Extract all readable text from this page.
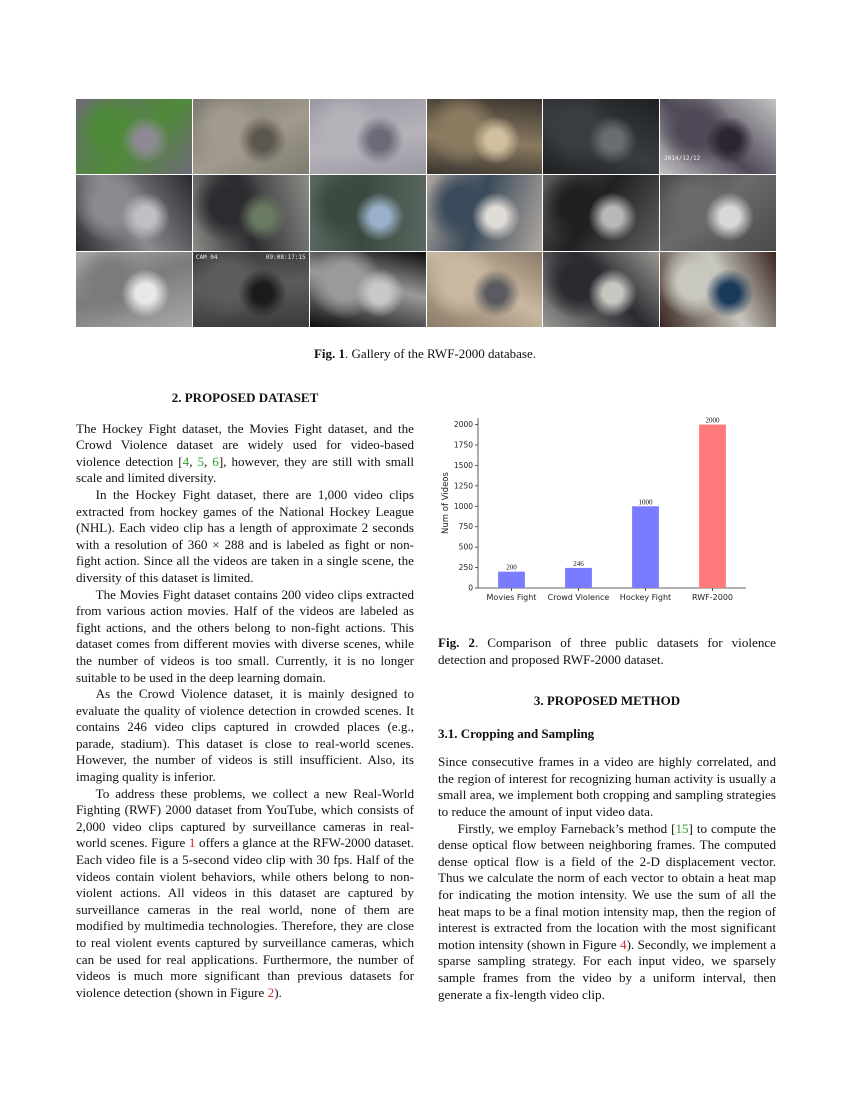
2014/12/12
CAM 04	09:08:17:15
Fig. 1. Gallery of the RWF-2000 database.
2. PROPOSED DATASET

The Hockey Fight dataset, the Movies Fight dataset, and the Crowd Violence dataset are widely used for video-based violence detection [4, 5, 6], however, they are still with small scale and limited diversity.

In the Hockey Fight dataset, there are 1,000 video clips extracted from hockey games of the National Hockey League (NHL). Each video clip has a length of approximate 2 seconds with a resolution of 360 × 288 and is labeled as fight or non-fight action. Since all the videos are taken in a single scene, the diversity of this dataset is limited.

The Movies Fight dataset contains 200 video clips extracted from various action movies. Half of the videos are labeled as fight actions, and the others belong to non-fight actions. This dataset comes from different movies with diverse scenes, while the number of videos is too small. Currently, it is no longer suitable to be used in the deep learning domain.

As the Crowd Violence dataset, it is mainly designed to evaluate the quality of violence detection in crowded scenes. It contains 246 video clips captured in crowded places (e.g., parade, stadium). This dataset is close to real-world scenes. However, the number of videos is still insufficient. Also, its imaging quality is inferior.

To address these problems, we collect a new Real-World Fighting (RWF) 2000 dataset from YouTube, which consists of 2,000 video clips captured by surveillance cameras in real-world scenes. Figure 1 offers a glance at the RFW-2000 dataset. Each video file is a 5-second video clip with 30 fps. Half of the videos contain violent behaviors, while others belong to non-violent actions. All videos in this dataset are captured by surveillance cameras in the real world, none of them are modified by multimedia technologies. Therefore, they are close to real violent events captured by surveillance cameras, which can be used for real applications. Furthermore, the number of videos is much more significant than previous datasets for violence detection (shown in Figure 2).

0
250
500
750
1000
1250
1500
1750
2000
Num of Videos
200
Movies Fight
246
Crowd Violence
1000
Hockey Fight
2000
RWF-2000
Fig. 2. Comparison of three public datasets for violence detection and proposed RWF-2000 dataset.
3. PROPOSED METHOD
3.1. Cropping and Sampling

Since consecutive frames in a video are highly correlated, and the region of interest for recognizing human activity is usually a small area, we implement both cropping and sampling strategies to reduce the amount of input video data.

Firstly, we employ Farneback’s method [15] to compute the dense optical flow between neighboring frames. The computed dense optical flow is a field of the 2-D displacement vector. Thus we calculate the norm of each vector to obtain a heat map for indicating the motion intensity. We use the sum of all the heat maps to be a final motion intensity map, then the region of interest is extracted from the location with the most significant motion intensity (shown in Figure 4). Secondly, we implement a sparse sampling strategy. For each input video, we sparsely sample frames from the video by a uniform interval, then generate a fix-length video clip.
